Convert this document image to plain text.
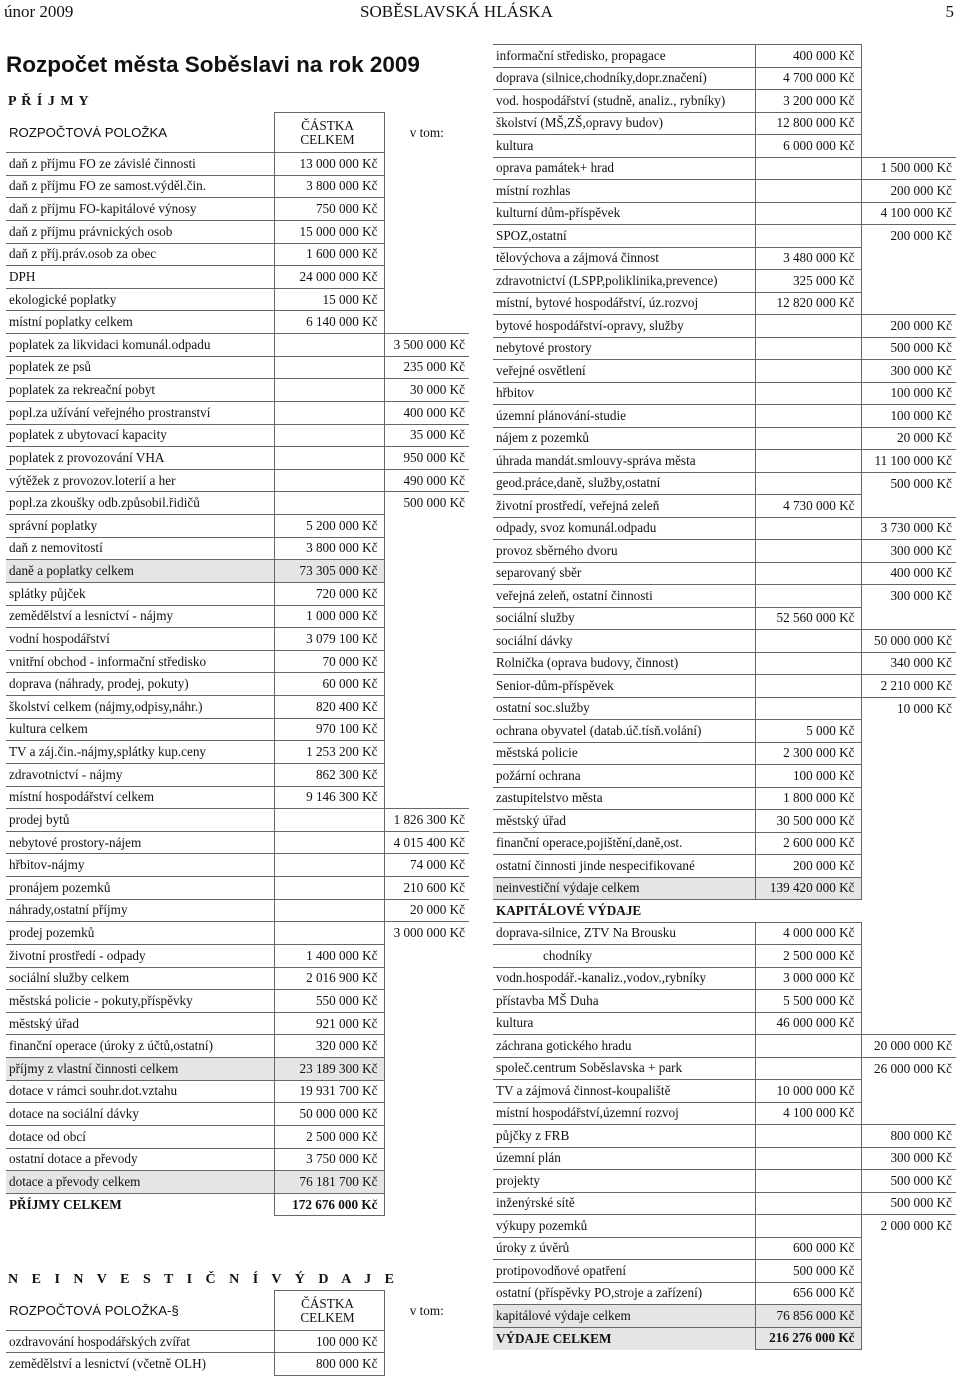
únor 2009	SOBĚSLAVSKÁ HLÁSKA	5
Rozpočet města Soběslavi na rok 2009
P Ř Í J M Y
ROZPOČTOVÁ POLOŽKA	ČÁSTKA
CELKEM	v tom:
daň z příjmu FO ze závislé činnosti	13 000 000 Kč	
daň z příjmu FO ze samost.výděl.čin.	3 800 000 Kč	
daň z příjmu FO-kapitálové výnosy	750 000 Kč	
daň z příjmu právnických osob	15 000 000 Kč	
daň z příj.práv.osob za obec	1 600 000 Kč	
DPH	24 000 000 Kč	
ekologické poplatky	15 000 Kč	
místní poplatky celkem	6 140 000 Kč	
poplatek za likvidaci komunál.odpadu		3 500 000 Kč
poplatek ze psů		235 000 Kč
poplatek za rekreační pobyt		30 000 Kč
popl.za užívání veřejného prostranství		400 000 Kč
poplatek z ubytovací kapacity		35 000 Kč
poplatek z provozování VHA		950 000 Kč
výtěžek z provozov.loterií a her		490 000 Kč
popl.za zkoušky odb.způsobil.řidičů		500 000 Kč
správní poplatky	5 200 000 Kč	
daň z nemovitostí	3 800 000 Kč	
daně a poplatky celkem	73 305 000 Kč	
splátky půjček	720 000 Kč	
zemědělství a lesnictví - nájmy	1 000 000 Kč	
vodní hospodářství	3 079 100 Kč	
vnitřní obchod - informační středisko	70 000 Kč	
doprava (náhrady, prodej, pokuty)	60 000 Kč	
školství celkem (nájmy,odpisy,náhr.)	820 400 Kč	
kultura celkem	970 100 Kč	
TV a záj.čin.-nájmy,splátky kup.ceny	1 253 200 Kč	
zdravotnictví - nájmy	862 300 Kč	
místní hospodářství celkem	9 146 300 Kč	
prodej bytů		1 826 300 Kč
nebytové prostory-nájem		4 015 400 Kč
hřbitov-nájmy		74 000 Kč
pronájem pozemků		210 600 Kč
náhrady,ostatní příjmy		20 000 Kč
prodej pozemků		3 000 000 Kč
životní prostředí - odpady	1 400 000 Kč	
sociální služby celkem	2 016 900 Kč	
městská policie - pokuty,příspěvky	550 000 Kč	
městský úřad	921 000 Kč	
finanční operace (úroky z účtů,ostatní)	320 000 Kč	
příjmy z vlastní činnosti celkem	23 189 300 Kč	
dotace v rámci souhr.dot.vztahu	19 931 700 Kč	
dotace na sociální dávky	50 000 000 Kč	
dotace od obcí	2 500 000 Kč	
ostatní dotace a převody	3 750 000 Kč	
dotace a převody celkem	76 181 700 Kč	
PŘÍJMY CELKEM	172 676 000 Kč	
N E I N V E S T I Č N Í V Ý D A J E
ROZPOČTOVÁ POLOŽKA-§	ČÁSTKA
CELKEM	v tom:
ozdravování hospodářských zvířat	100 000 Kč	
zemědělství a lesnictví (včetně OLH)	800 000 Kč	
informační středisko, propagace	400 000 Kč	
doprava (silnice,chodníky,dopr.značení)	4 700 000 Kč	
vod. hospodářství (studně, analiz., rybníky)	3 200 000 Kč	
školství (MŠ,ZŠ,opravy budov)	12 800 000 Kč	
kultura	6 000 000 Kč	
oprava památek+ hrad		1 500 000 Kč
místní rozhlas		200 000 Kč
kulturní dům-příspěvek		4 100 000 Kč
SPOZ,ostatní		200 000 Kč
tělovýchova a zájmová činnost	3 480 000 Kč	
zdravotnictví (LSPP,poliklinika,prevence)	325 000 Kč	
místní, bytové hospodářství, úz.rozvoj	12 820 000 Kč	
bytové hospodářství-opravy, služby		200 000 Kč
nebytové prostory		500 000 Kč
veřejné osvětlení		300 000 Kč
hřbitov		100 000 Kč
územní plánování-studie		100 000 Kč
nájem z pozemků		20 000 Kč
úhrada mandát.smlouvy-správa města		11 100 000 Kč
geod.práce,daně, služby,ostatní		500 000 Kč
životní prostředí, veřejná zeleň	4 730 000 Kč	
odpady, svoz komunál.odpadu		3 730 000 Kč
provoz sběrného dvoru		300 000 Kč
separovaný sběr		400 000 Kč
veřejná zeleň, ostatní činnosti		300 000 Kč
sociální služby	52 560 000 Kč	
sociální dávky		50 000 000 Kč
Rolnička (oprava budovy, činnost)		340 000 Kč
Senior-dům-příspěvek		2 210 000 Kč
ostatní soc.služby		10 000 Kč
ochrana obyvatel (datab.úč.tísň.volání)	5 000 Kč	
městská policie	2 300 000 Kč	
požární ochrana	100 000 Kč	
zastupitelstvo města	1 800 000 Kč	
městský úřad	30 500 000 Kč	
finanční operace,pojištění,daně,ost.	2 600 000 Kč	
ostatní činnosti jinde nespecifikované	200 000 Kč	
neinvestiční výdaje celkem	139 420 000 Kč	
KAPITÁLOVÉ VÝDAJE		
doprava-silnice, ZTV Na Brousku	4 000 000 Kč	
chodníky	2 500 000 Kč	
vodn.hospodář.-kanaliz.,vodov.,rybníky	3 000 000 Kč	
přístavba MŠ Duha	5 500 000 Kč	
kultura	46 000 000 Kč	
záchrana gotického hradu		20 000 000 Kč
společ.centrum Soběslavska + park		26 000 000 Kč
TV a zájmová činnost-koupaliště	10 000 000 Kč	
místní hospodářství,územní rozvoj	4 100 000 Kč	
půjčky z FRB		800 000 Kč
územní plán		300 000 Kč
projekty		500 000 Kč
inženýrské sítě		500 000 Kč
výkupy pozemků		2 000 000 Kč
úroky z úvěrů	600 000 Kč	
protipovodňové opatření	500 000 Kč	
ostatní (příspěvky PO,stroje a zařízení)	656 000 Kč	
kapitálové výdaje celkem	76 856 000 Kč	
VÝDAJE CELKEM	216 276 000 Kč	
